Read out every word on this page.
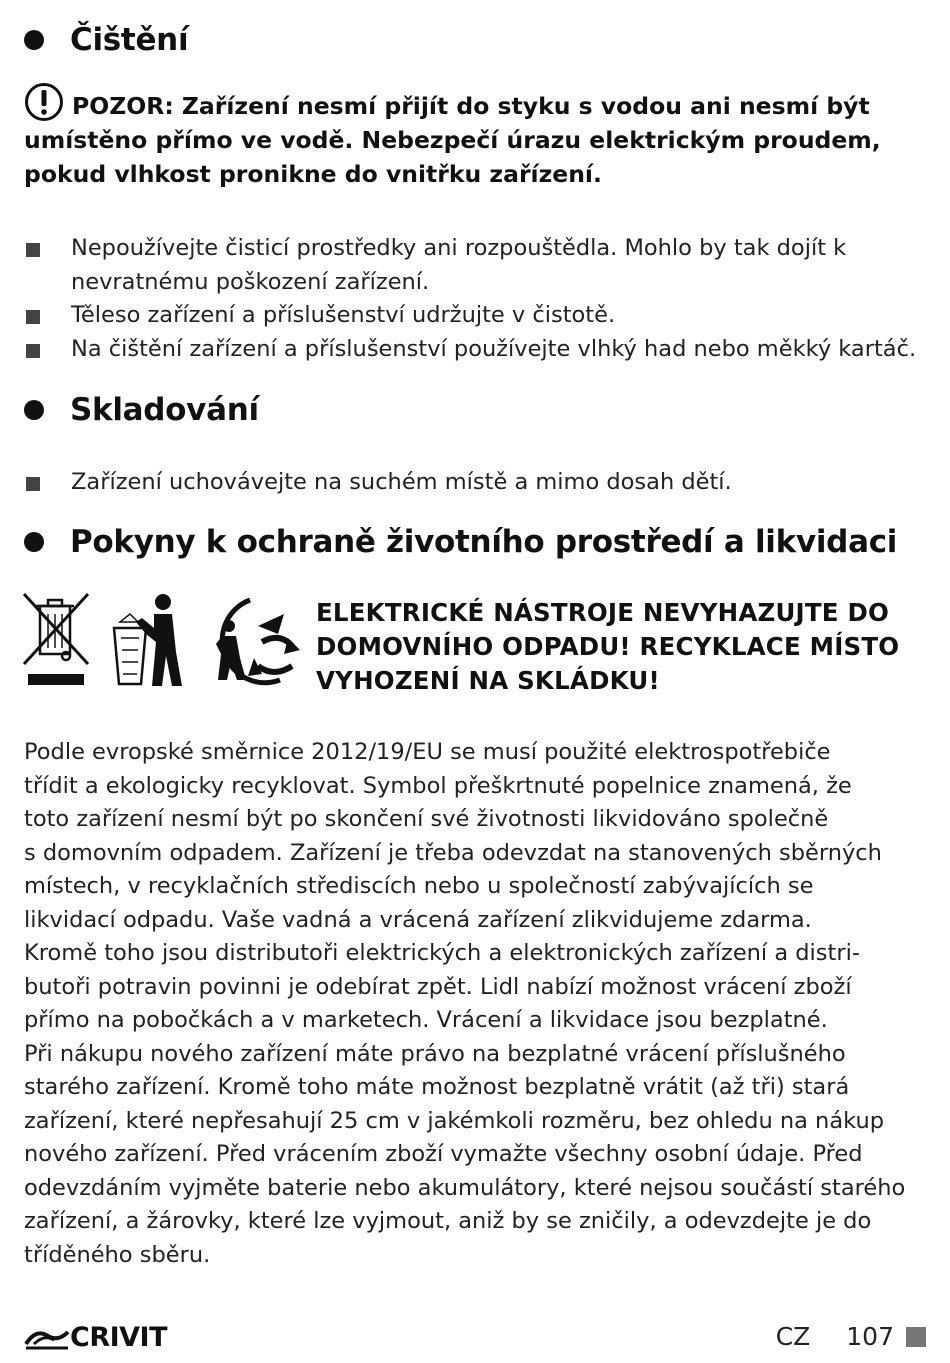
Čištění
POZOR: Zařízení nesmí přijít do styku s vodou ani nesmí být umístěno přímo ve vodě. Nebezpečí úrazu elektrickým proudem, pokud vlhkost pronikne do vnitřku zařízení.
Nepoužívejte čisticí prostředky ani rozpouštědla. Mohlo by tak dojít k nevratnému poškození zařízení.
Těleso zařízení a příslušenství udržujte v čistotě.
Na čištění zařízení a příslušenství používejte vlhký had nebo měkký kartáč.
Skladování
Zařízení uchovávejte na suchém místě a mimo dosah dětí.
Pokyny k ochraně životního prostředí a likvidaci
ELEKTRICKÉ NÁSTROJE NEVYHAZUJTE DO DOMOVNÍHO ODPADU! RECYKLACE MÍSTO VYHOZENÍ NA SKLÁDKU!
Podle evropské směrnice 2012/19/EU se musí použité elektrospotřebiče
třídit a ekologicky recyklovat. Symbol přeškrtnuté popelnice znamená, že
toto zařízení nesmí být po skončení své životnosti likvidováno společně
s domovním odpadem. Zařízení je třeba odevzdat na stanovených sběrných
místech, v recyklačních střediscích nebo u společností zabývajících se
likvidací odpadu. Vaše vadná a vrácená zařízení zlikvidujeme zdarma.
Kromě toho jsou distributoři elektrických a elektronických zařízení a distri-
butoři potravin povinni je odebírat zpět. Lidl nabízí možnost vrácení zboží
přímo na pobočkách a v marketech. Vrácení a likvidace jsou bezplatné.
Při nákupu nového zařízení máte právo na bezplatné vrácení příslušného
starého zařízení. Kromě toho máte možnost bezplatně vrátit (až tři) stará
zařízení, které nepřesahují 25 cm v jakémkoli rozměru, bez ohledu na nákup
nového zařízení. Před vrácením zboží vymažte všechny osobní údaje. Před
odevzdáním vyjměte baterie nebo akumulátory, které nejsou součástí starého
zařízení, a žárovky, které lze vyjmout, aniž by se zničily, a odevzdejte je do
tříděného sběru.
CRIVIT	CZ 107
